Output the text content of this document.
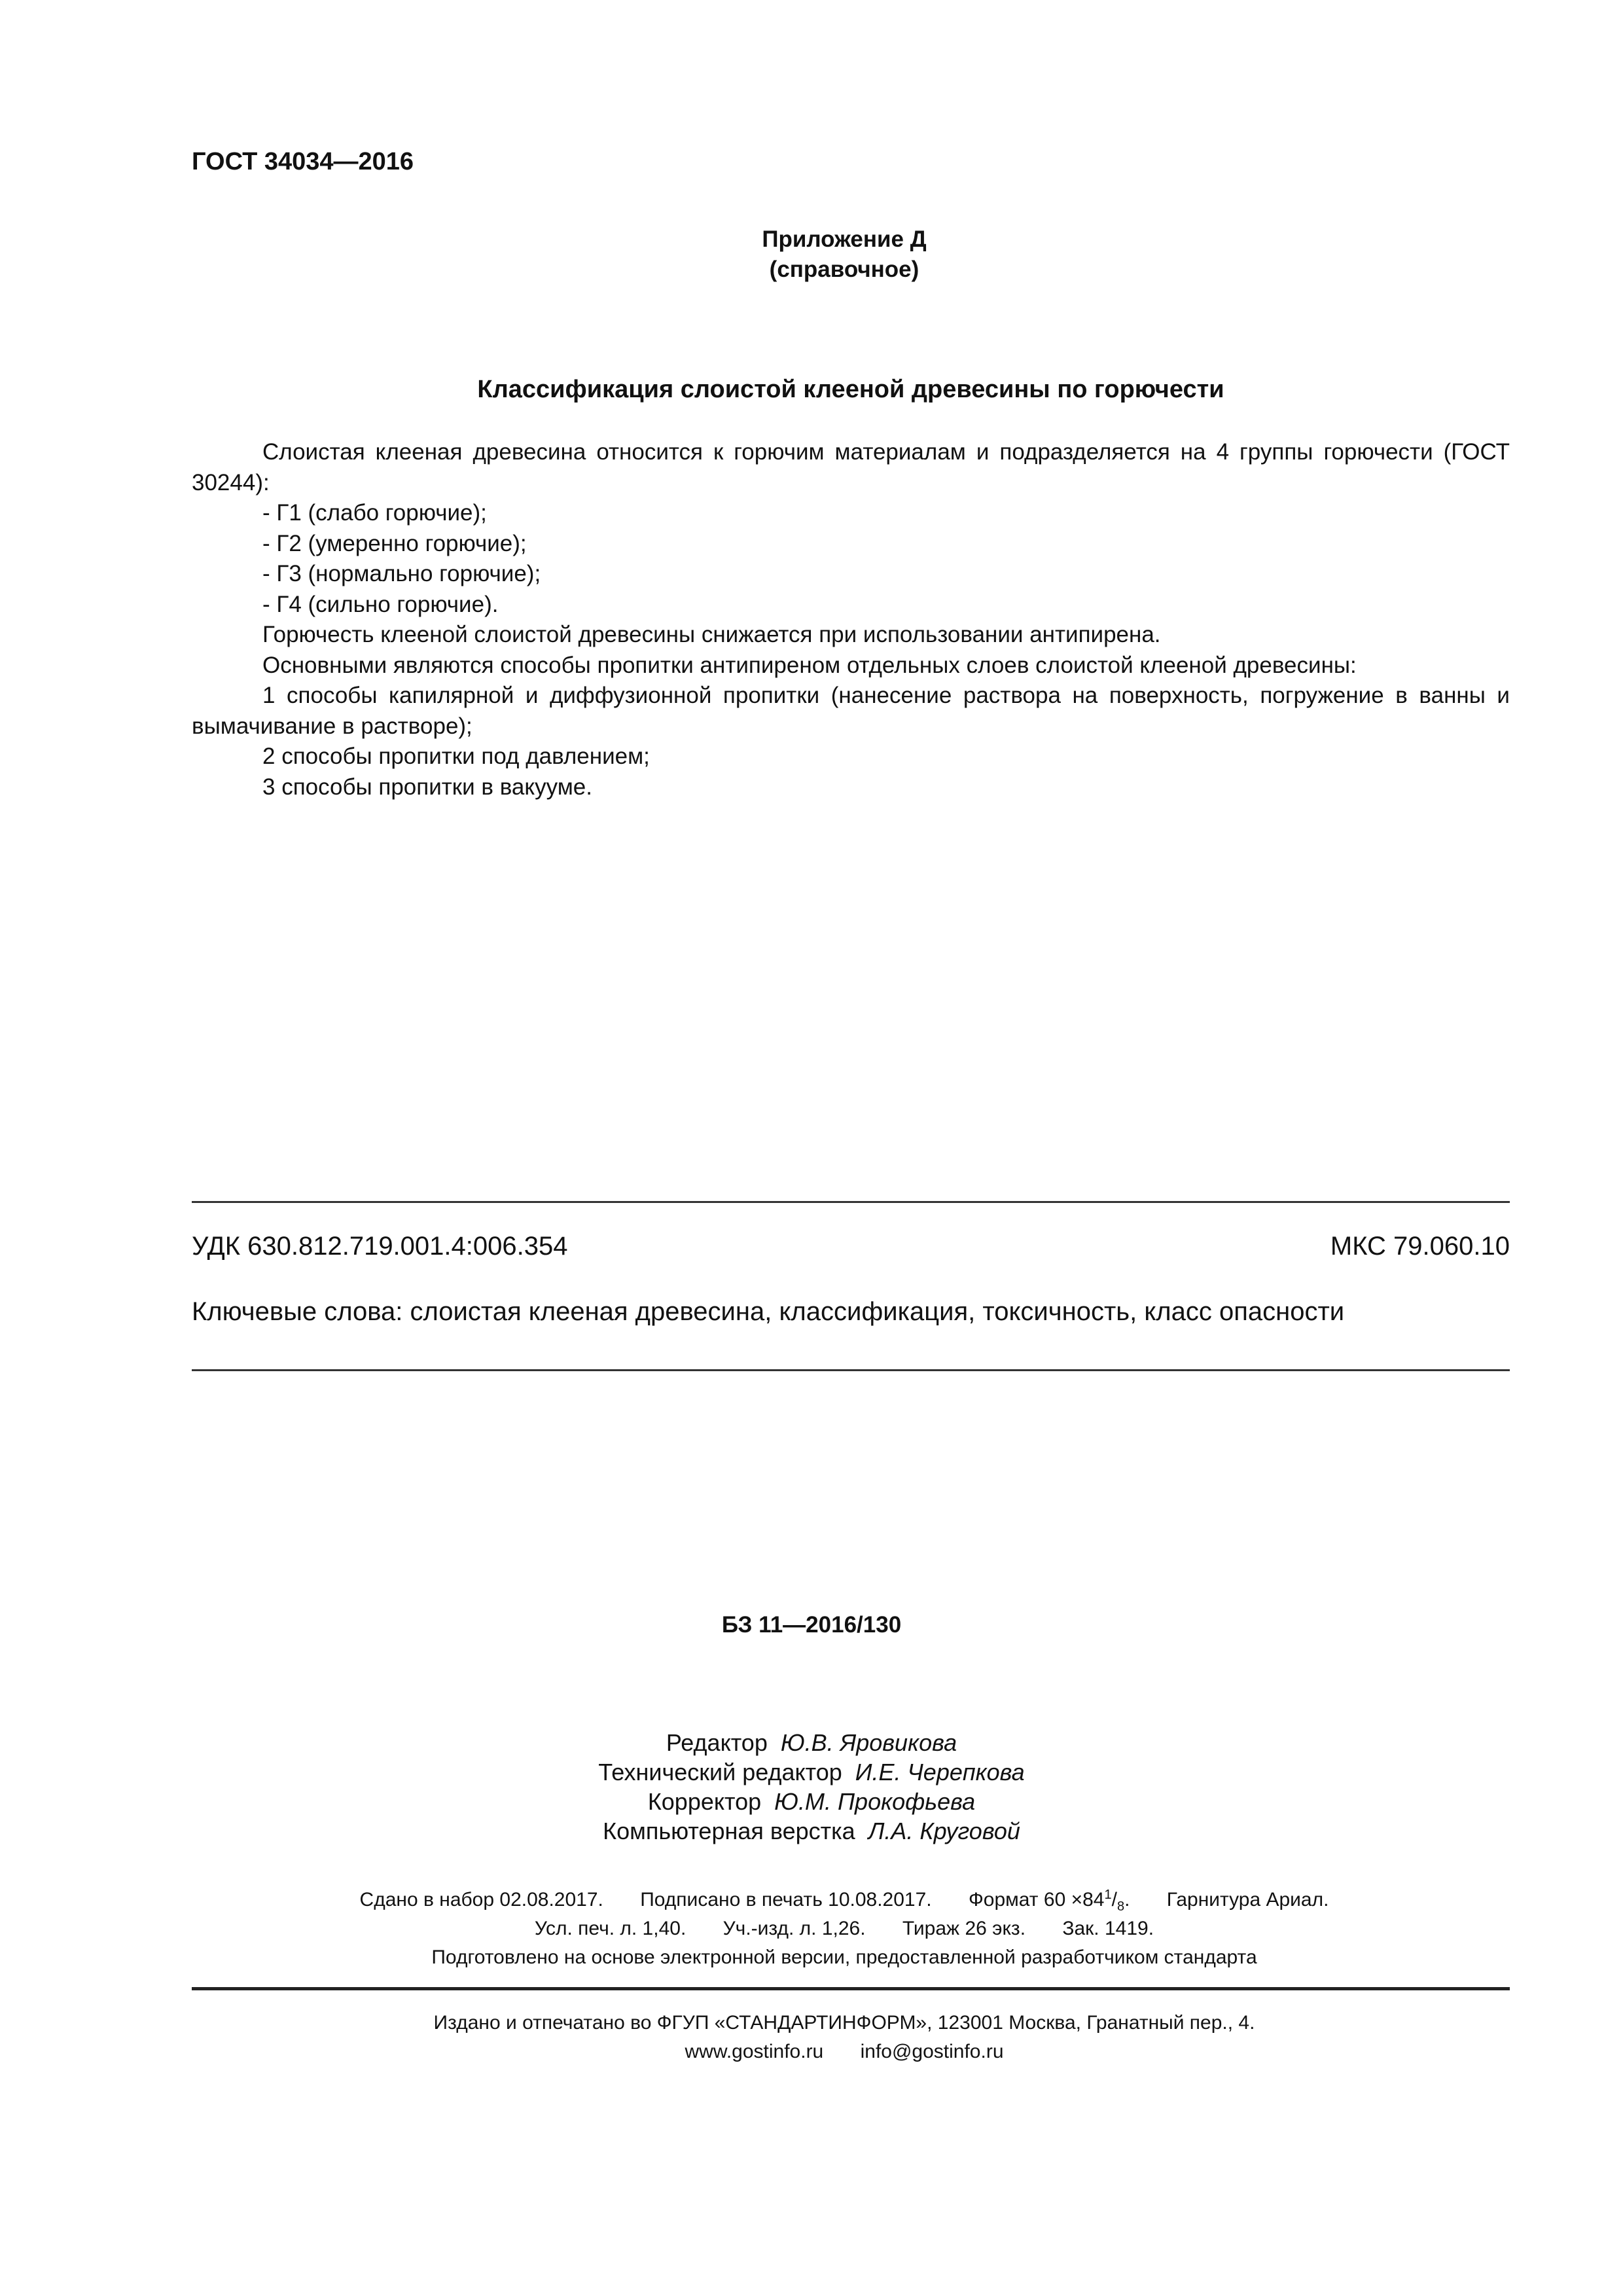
ГОСТ 34034—2016
Приложение Д
(справочное)
Классификация слоистой клееной древесины по горючести

Слоистая клееная древесина относится к горючим материалам и подразделяется на 4 группы горючести (ГОСТ 30244):

- Г1 (слабо горючие);

- Г2 (умеренно горючие);

- Г3 (нормально горючие);

- Г4 (сильно горючие).

Горючесть клееной слоистой древесины снижается при использовании антипирена.

Основными являются способы пропитки антипиреном отдельных слоев слоистой клееной древесины:

1 способы капилярной и диффузионной пропитки (нанесение раствора на поверхность, погружение в ванны и вымачивание в растворе);

2 способы пропитки под давлением;

3 способы пропитки в вакууме.

УДК 630.812.719.001.4:006.354	МКС 79.060.10
Ключевые слова: слоистая клееная древесина, классификация, токсичность, класс опасности
БЗ 11—2016/130
Редактор Ю.В. Яровикова
Технический редактор И.Е. Черепкова
Корректор Ю.М. Прокофьева
Компьютерная верстка Л.А. Круговой
Сдано в набор 02.08.2017. Подписано в печать 10.08.2017. Формат $60 \times 84^1/_8$. Гарнитура Ариал.
Усл. печ. л. 1,40. Уч.-изд. л. 1,26. Тираж 26 экз. Зак. 1419.
Подготовлено на основе электронной версии, предоставленной разработчиком стандарта
Издано и отпечатано во ФГУП «СТАНДАРТИНФОРМ», 123001 Москва, Гранатный пер., 4.
www.gostinfo.ru info@gostinfo.ru
